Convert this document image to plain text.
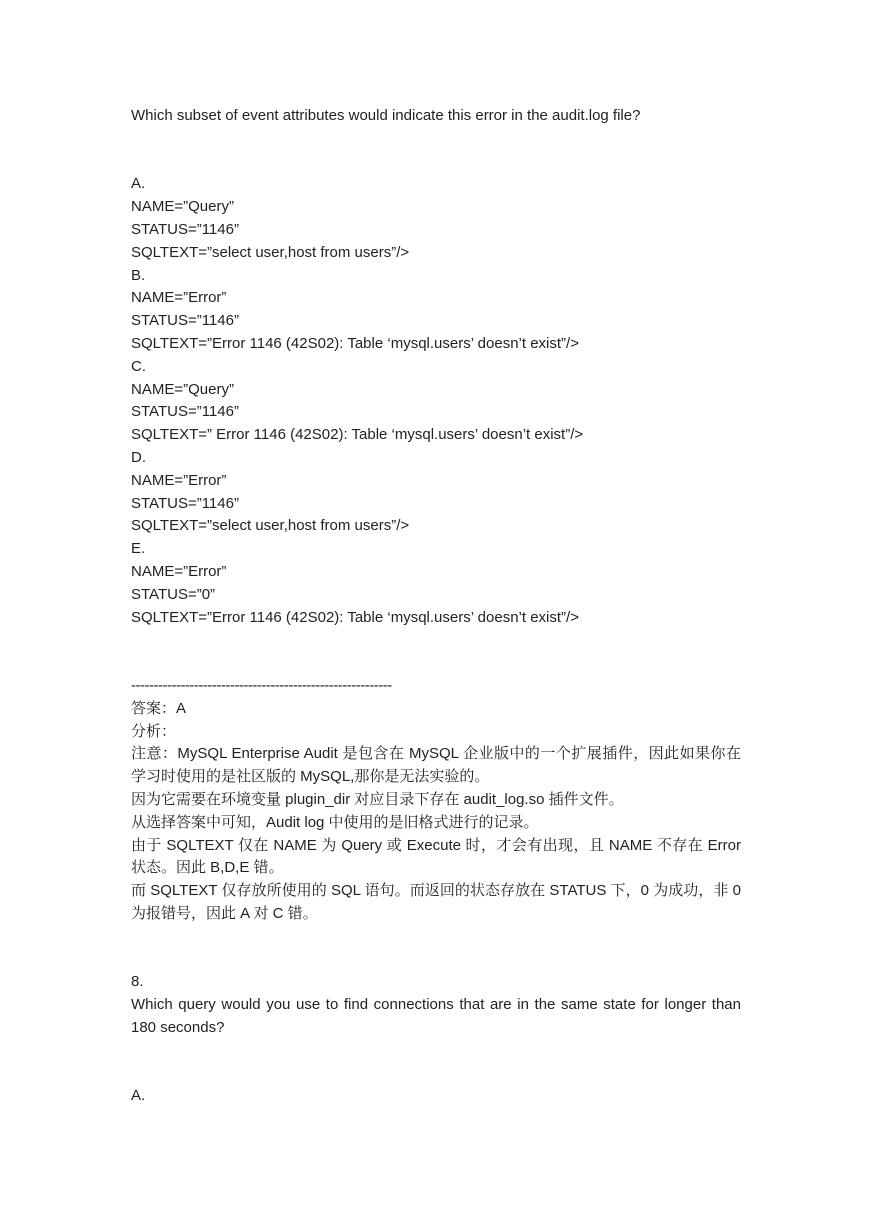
Which subset of event attributes would indicate this error in the audit.log file?

A.

NAME=”Query”

STATUS=”1146”

SQLTEXT=”select user,host from users”/>

B.

NAME=”Error”

STATUS=”1146”

SQLTEXT=”Error 1146 (42S02): Table ‘mysql.users’ doesn’t exist”/>

C.

NAME=”Query”

STATUS=”1146”

SQLTEXT=” Error 1146 (42S02): Table ‘mysql.users’ doesn’t exist”/>

D.

NAME=”Error”

STATUS=”1146”

SQLTEXT=”select user,host from users”/>

E.

NAME=”Error”

STATUS=”0”

SQLTEXT=”Error 1146 (42S02): Table ‘mysql.users’ doesn’t exist”/>

----------------------------------------------------------

答案：A

分析：

注意：MySQL Enterprise Audit 是包含在 MySQL 企业版中的一个扩展插件，因此如果你在学习时使用的是社区版的 MySQL,那你是无法实验的。

因为它需要在环境变量 plugin_dir 对应目录下存在 audit_log.so 插件文件。

从选择答案中可知，Audit log 中使用的是旧格式进行的记录。

由于 SQLTEXT 仅在 NAME 为 Query 或 Execute 时，才会有出现，且 NAME 不存在 Error 状态。因此 B,D,E 错。

而 SQLTEXT 仅存放所使用的 SQL 语句。而返回的状态存放在 STATUS 下，0 为成功，非 0 为报错号，因此 A 对 C 错。

8.

Which query would you use to find connections that are in the same state for longer than 180 seconds?

A.
